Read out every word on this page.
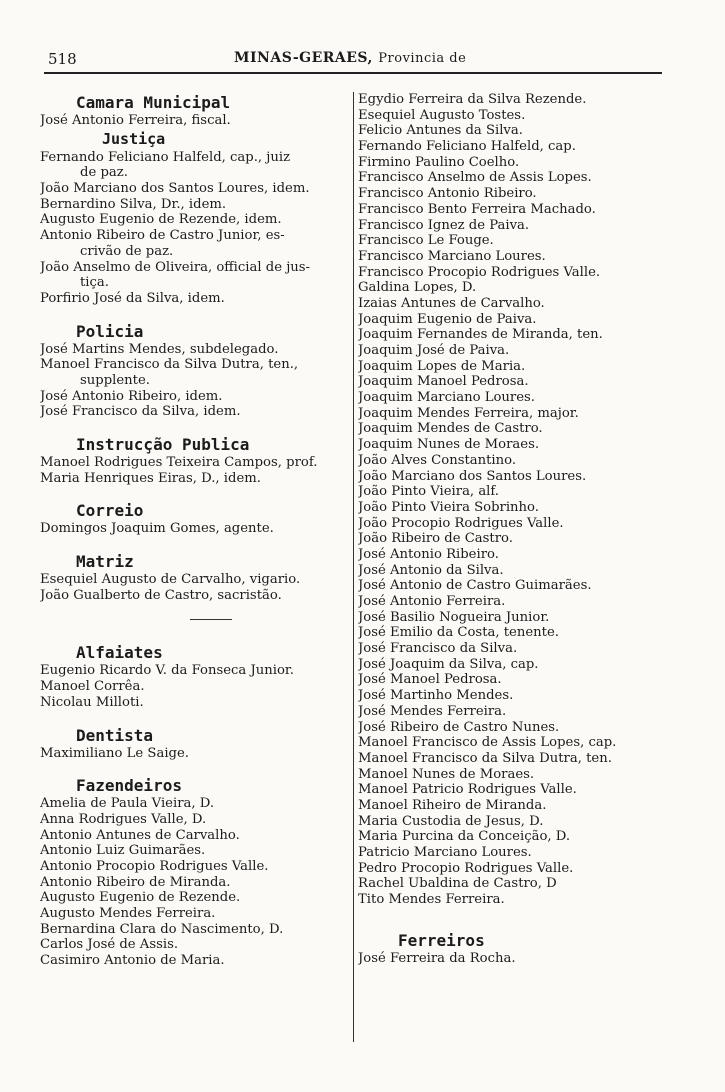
518	MINAS-GERAES, Provincia de
Camara Municipal
José Antonio Ferreira, fiscal.
Justiça
Fernando Feliciano Halfeld, cap., juiz
de paz.
João Marciano dos Santos Loures, idem.
Bernardino Silva, Dr., idem.
Augusto Eugenio de Rezende, idem.
Antonio Ribeiro de Castro Junior, es-
crivão de paz.
João Anselmo de Oliveira, official de jus-
tiça.
Porfirio José da Silva, idem.
Policia
José Martins Mendes, subdelegado.
Manoel Francisco da Silva Dutra, ten.,
supplente.
José Antonio Ribeiro, idem.
José Francisco da Silva, idem.
Instrucção Publica
Manoel Rodrigues Teixeira Campos, prof.
Maria Henriques Eiras, D., idem.
Correio
Domingos Joaquim Gomes, agente.
Matriz
Esequiel Augusto de Carvalho, vigario.
João Gualberto de Castro, sacristão.
Alfaiates
Eugenio Ricardo V. da Fonseca Junior.
Manoel Corrêa.
Nicolau Milloti.
Dentista
Maximiliano Le Saige.
Fazendeiros
Amelia de Paula Vieira, D.
Anna Rodrigues Valle, D.
Antonio Antunes de Carvalho.
Antonio Luiz Guimarães.
Antonio Procopio Rodrigues Valle.
Antonio Ribeiro de Miranda.
Augusto Eugenio de Rezende.
Augusto Mendes Ferreira.
Bernardina Clara do Nascimento, D.
Carlos José de Assis.
Casimiro Antonio de Maria.
Egydio Ferreira da Silva Rezende.
Esequiel Augusto Tostes.
Felicio Antunes da Silva.
Fernando Feliciano Halfeld, cap.
Firmino Paulino Coelho.
Francisco Anselmo de Assis Lopes.
Francisco Antonio Ribeiro.
Francisco Bento Ferreira Machado.
Francisco Ignez de Paiva.
Francisco Le Fouge.
Francisco Marciano Loures.
Francisco Procopio Rodrigues Valle.
Galdina Lopes, D.
Izaias Antunes de Carvalho.
Joaquim Eugenio de Paiva.
Joaquim Fernandes de Miranda, ten.
Joaquim José de Paiva.
Joaquim Lopes de Maria.
Joaquim Manoel Pedrosa.
Joaquim Marciano Loures.
Joaquim Mendes Ferreira, major.
Joaquim Mendes de Castro.
Joaquim Nunes de Moraes.
João Alves Constantino.
João Marciano dos Santos Loures.
João Pinto Vieira, alf.
João Pinto Vieira Sobrinho.
João Procopio Rodrigues Valle.
João Ribeiro de Castro.
José Antonio Ribeiro.
José Antonio da Silva.
José Antonio de Castro Guimarães.
José Antonio Ferreira.
José Basilio Nogueira Junior.
José Emilio da Costa, tenente.
José Francisco da Silva.
José Joaquim da Silva, cap.
José Manoel Pedrosa.
José Martinho Mendes.
José Mendes Ferreira.
José Ribeiro de Castro Nunes.
Manoel Francisco de Assis Lopes, cap.
Manoel Francisco da Silva Dutra, ten.
Manoel Nunes de Moraes.
Manoel Patricio Rodrigues Valle.
Manoel Riheiro de Miranda.
Maria Custodia de Jesus, D.
Maria Purcina da Conceição, D.
Patricio Marciano Loures.
Pedro Procopio Rodrigues Valle.
Rachel Ubaldina de Castro, D
Tito Mendes Ferreira.
Ferreiros
José Ferreira da Rocha.
